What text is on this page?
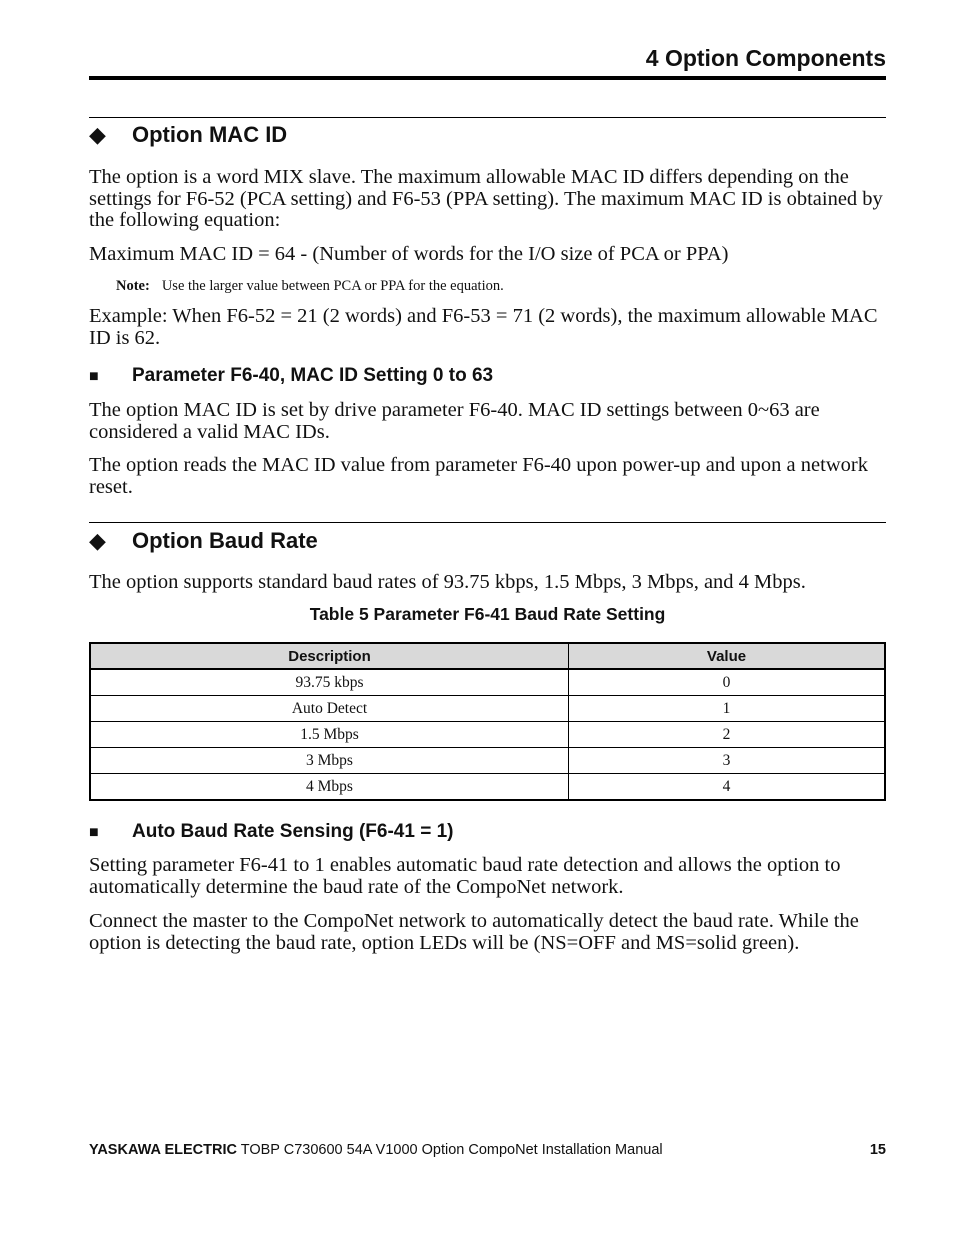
4 Option Components
◆ Option MAC ID
The option is a word MIX slave. The maximum allowable MAC ID differs depending on the settings for F6-52 (PCA setting) and F6-53 (PPA setting). The maximum MAC ID is obtained by the following equation:
Maximum MAC ID = 64 - (Number of words for the I/O size of PCA or PPA)
Note: Use the larger value between PCA or PPA for the equation.
Example: When F6-52 = 21 (2 words) and F6-53 = 71 (2 words), the maximum allowable MAC ID is 62.
■ Parameter F6-40, MAC ID Setting 0 to 63
The option MAC ID is set by drive parameter F6-40. MAC ID settings between 0~63 are considered a valid MAC IDs.
The option reads the MAC ID value from parameter F6-40 upon power-up and upon a network reset.
◆ Option Baud Rate
The option supports standard baud rates of 93.75 kbps, 1.5 Mbps, 3 Mbps, and 4 Mbps.
Table 5 Parameter F6-41 Baud Rate Setting
Description	Value
93.75 kbps	0
Auto Detect	1
1.5 Mbps	2
3 Mbps	3
4 Mbps	4
■ Auto Baud Rate Sensing (F6-41 = 1)
Setting parameter F6-41 to 1 enables automatic baud rate detection and allows the option to automatically determine the baud rate of the CompoNet network.
Connect the master to the CompoNet network to automatically detect the baud rate. While the option is detecting the baud rate, option LEDs will be (NS=OFF and MS=solid green).
YASKAWA ELECTRIC TOBP C730600 54A V1000 Option CompoNet Installation Manual	15
